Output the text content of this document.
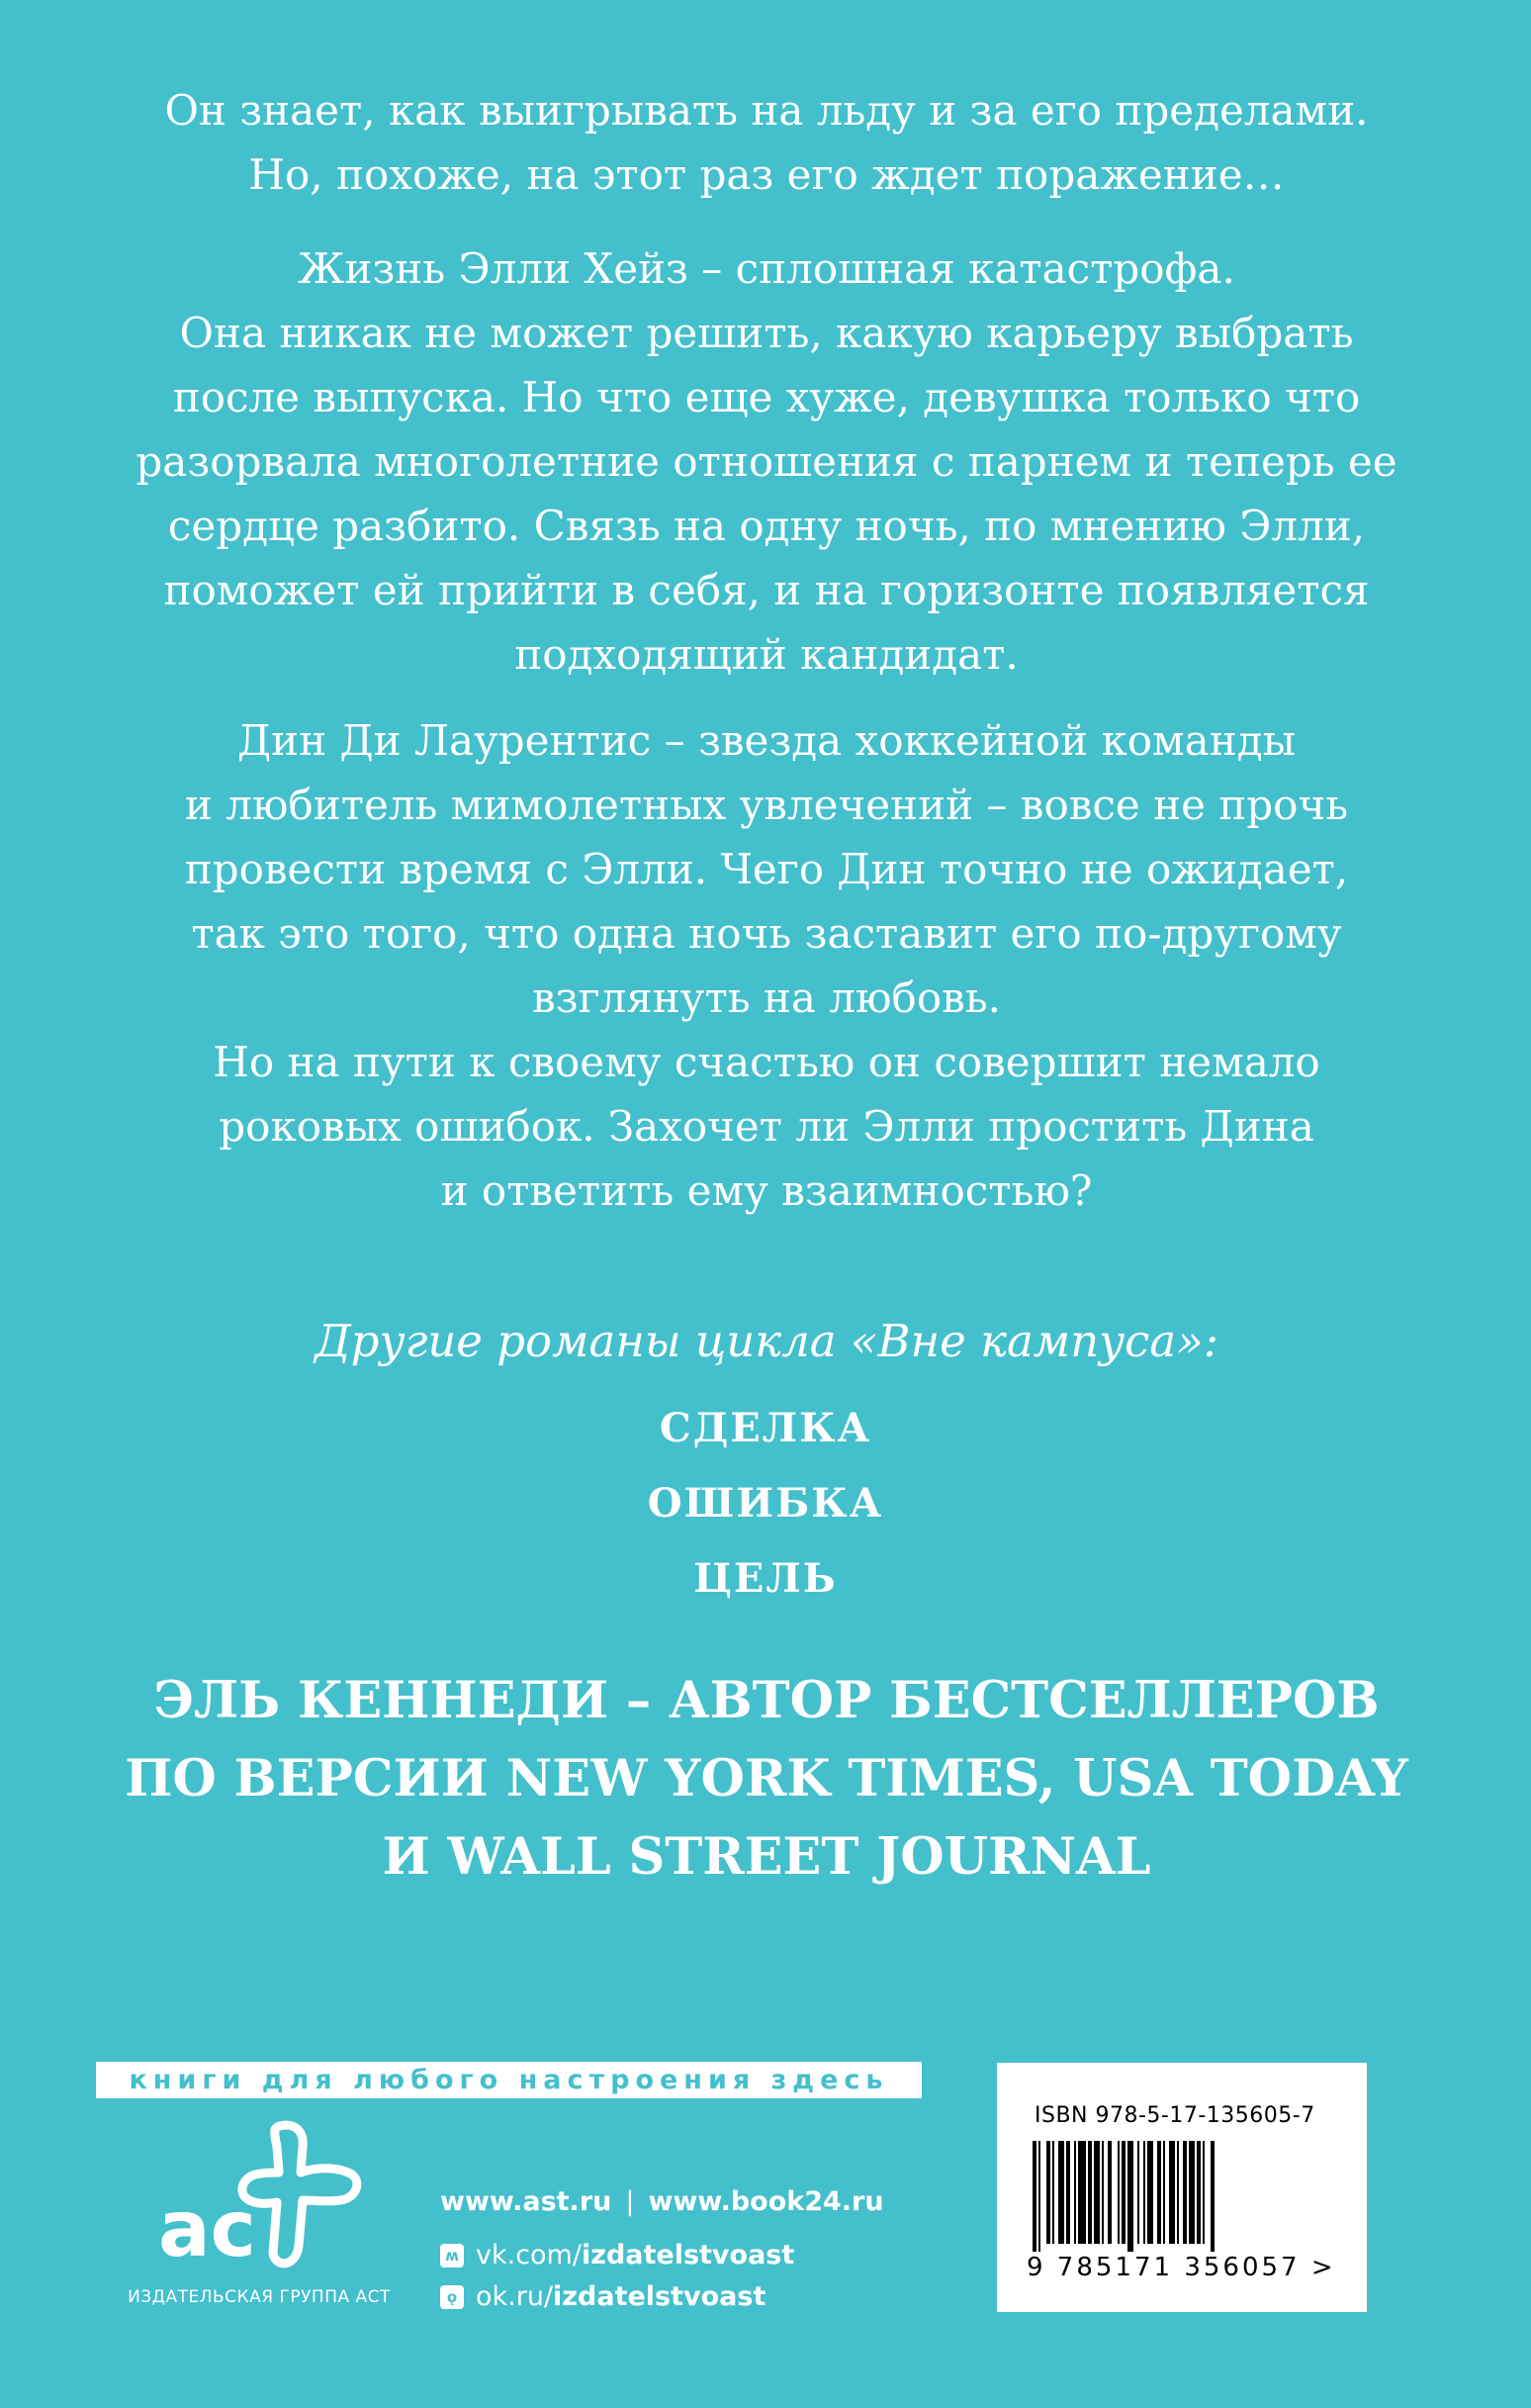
Он знает, как выигрывать на льду и за его пределами.
Но, похоже, на этот раз его ждет поражение…

Жизнь Элли Хейз – сплошная катастрофа.
Она никак не может решить, какую карьеру выбрать
после выпуска. Но что еще хуже, девушка только что
разорвала многолетние отношения с парнем и теперь ее
сердце разбито. Связь на одну ночь, по мнению Элли,
поможет ей прийти в себя, и на горизонте появляется
подходящий кандидат.

Дин Ди Лаурентис – звезда хоккейной команды
и любитель мимолетных увлечений – вовсе не прочь
провести время с Элли. Чего Дин точно не ожидает,
так это того, что одна ночь заставит его по-другому
взглянуть на любовь.
Но на пути к своему счастью он совершит немало
роковых ошибок. Захочет ли Элли простить Дина
и ответить ему взаимностью?

Другие романы цикла «Вне кампуса»:

СДЕЛКА
ОШИБКА
ЦЕЛЬ

ЭЛЬ КЕННЕДИ – АВТОР БЕСТСЕЛЛЕРОВ
ПО ВЕРСИИ NEW YORK TIMES, USA TODAY
И WALL STREET JOURNAL

книги для любого настроения здесь
ac
ИЗДАТЕЛЬСКАЯ ГРУППА АСТ
www.ast.ru | www.book24.ru
ʍ vk.com/ izdatelstvoast
ǫ ok.ru/ izdatelstvoast
ISBN 978-5-17-135605-7
9 785171 356057 >
